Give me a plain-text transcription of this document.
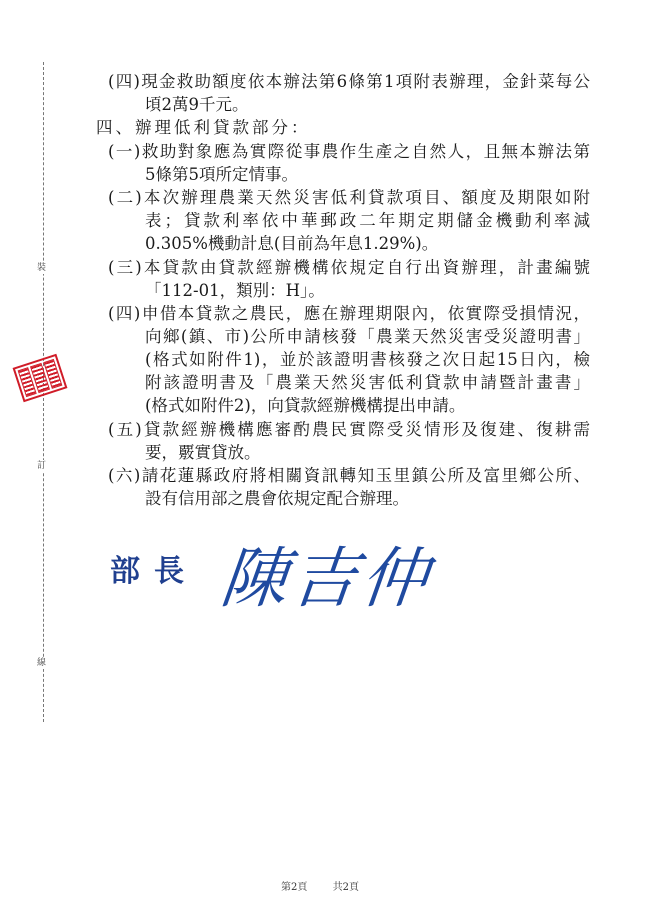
裝
訂
線
(四)現金救助額度依本辦法第6條第1項附表辦理，金針菜每公
頃2萬9千元。
四、辦理低利貸款部分：
(一)救助對象應為實際從事農作生產之自然人，且無本辦法第
5條第5項所定情事。
(二)本次辦理農業天然災害低利貸款項目、額度及期限如附
表；貸款利率依中華郵政二年期定期儲金機動利率減
0.305%機動計息(目前為年息1.29%)。
(三)本貸款由貸款經辦機構依規定自行出資辦理，計畫編號
「112-01，類別：H」。
(四)申借本貸款之農民，應在辦理期限內，依實際受損情況，
向鄉(鎮、市)公所申請核發「農業天然災害受災證明書」
(格式如附件1)，並於該證明書核發之次日起15日內，檢
附該證明書及「農業天然災害低利貸款申請暨計畫書」
(格式如附件2)，向貸款經辦機構提出申請。
(五)貸款經辦機構應審酌農民實際受災情形及復建、復耕需
要，覈實貸放。
(六)請花蓮縣政府將相關資訊轉知玉里鎮公所及富里鄉公所、
設有信用部之農會依規定配合辦理。
部長 陳吉仲
第2頁	共2頁
